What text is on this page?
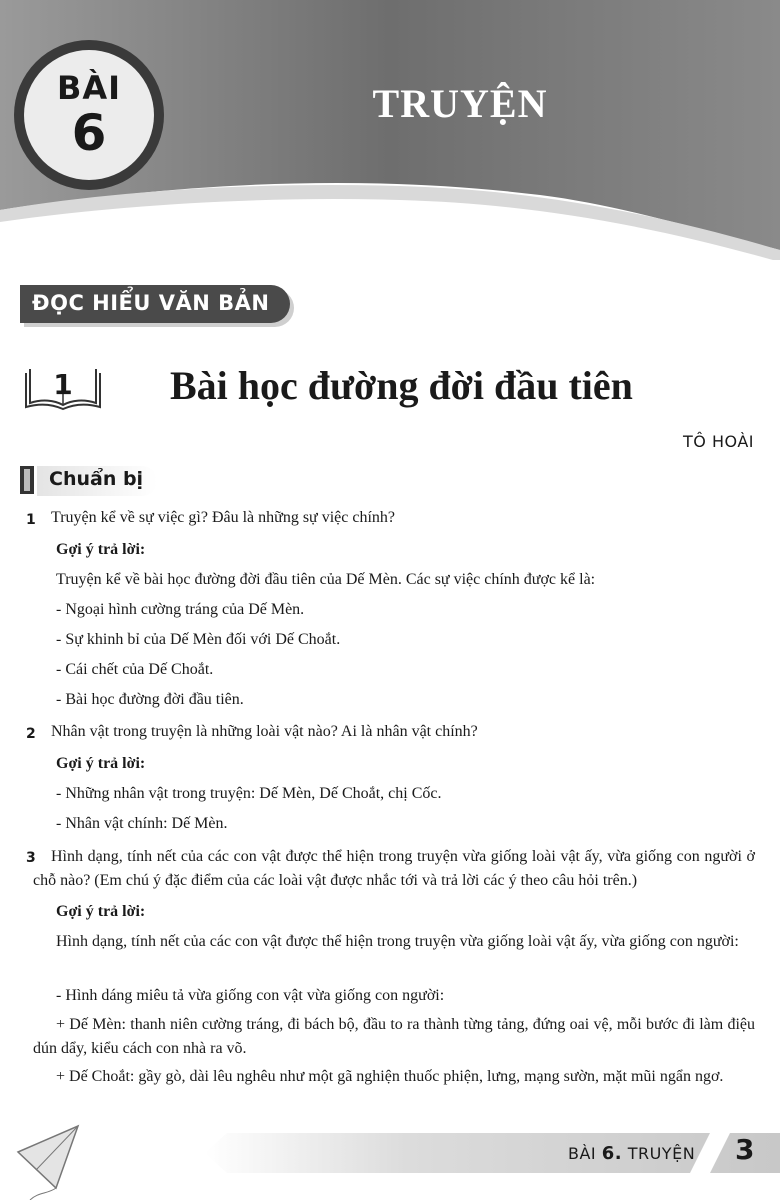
BÀI
6
TRUYỆN
ĐỌC HIỂU VĂN BẢN
1 Bài học đường đời đầu tiên
TÔ HOÀI
Chuẩn bị
1 Truyện kể về sự việc gì? Đâu là những sự việc chính?
Gợi ý trả lời:
Truyện kể về bài học đường đời đầu tiên của Dế Mèn. Các sự việc chính được kể là:
- Ngoại hình cường tráng của Dế Mèn.
- Sự khinh bỉ của Dế Mèn đối với Dế Choắt.
- Cái chết của Dế Choắt.
- Bài học đường đời đầu tiên.
2 Nhân vật trong truyện là những loài vật nào? Ai là nhân vật chính?
Gợi ý trả lời:
- Những nhân vật trong truyện: Dế Mèn, Dế Choắt, chị Cốc.
- Nhân vật chính: Dế Mèn.
3 Hình dạng, tính nết của các con vật được thể hiện trong truyện vừa giống loài vật ấy, vừa giống con người ở chỗ nào? (Em chú ý đặc điểm của các loài vật được nhắc tới và trả lời các ý theo câu hỏi trên.)
Gợi ý trả lời:
Hình dạng, tính nết của các con vật được thể hiện trong truyện vừa giống loài vật ấy, vừa giống con người:
- Hình dáng miêu tả vừa giống con vật vừa giống con người:
+ Dế Mèn: thanh niên cường tráng, đi bách bộ, đầu to ra thành từng tảng, đứng oai vệ, mỗi bước đi làm điệu dún dẩy, kiểu cách con nhà ra võ.
+ Dế Choắt: gầy gò, dài lêu nghêu như một gã nghiện thuốc phiện, lưng, mạng sườn, mặt mũi ngẩn ngơ.
BÀI 6. TRUYỆN 3
